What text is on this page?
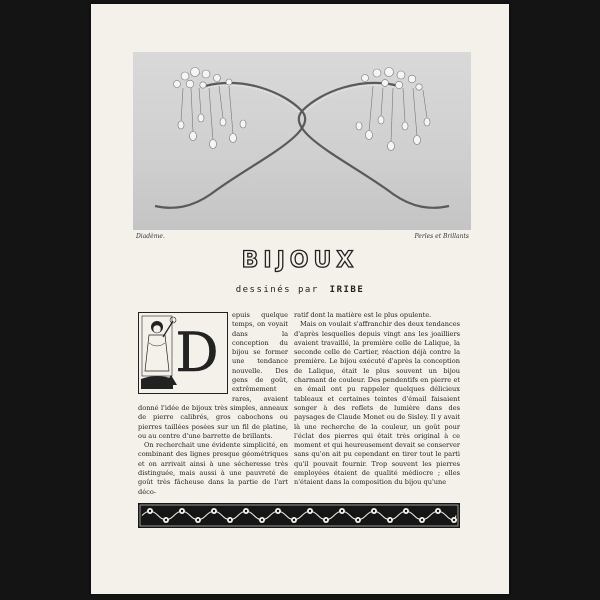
Diadème.	Perles et Brillants
BIJOUX
dessinés par IRIBE
D

epuis quelque temps, on voyait dans la conception du bijou se former une tendance nouvelle. Des gens de goût, extrêmement rares, avaient donné l'idée de bijoux très simples, anneaux de pierre calibrés, gros cabochons ou pierres taillées posées sur un fil de platine, ou au centre d'une barrette de brillants.

On recherchait une évidente simplicité, en combinant des lignes presque géométriques et on arrivait ainsi à une sécheresse très distinguée, mais aussi à une pauvreté de goût très fâcheuse dans la partie de l'art déco-

ratif dont la matière est le plus opulente.

Mais on voulait s'affranchir des deux tendances d'après lesquelles depuis vingt ans les joailliers avaient travaillé, la première celle de Lalique, la seconde celle de Cartier, réaction déjà contre la première. Le bijou exécuté d'après la conception de Lalique, était le plus souvent un bijou charmant de couleur. Des pendentifs en pierre et en émail ont pu rappeler quelques délicieux tableaux et certaines teintes d'émail faisaient songer à des reflets de lumière dans des paysages de Claude Monet ou de Sisley. Il y avait là une recherche de la couleur, un goût pour l'éclat des pierres qui était très original à ce moment et qui heureusement devait se conserver sans qu'on ait pu cependant en tirer tout le parti qu'il pouvait fournir. Trop souvent les pierres employées étaient de qualité médiocre ; elles n'étaient dans la composition du bijou qu'une
